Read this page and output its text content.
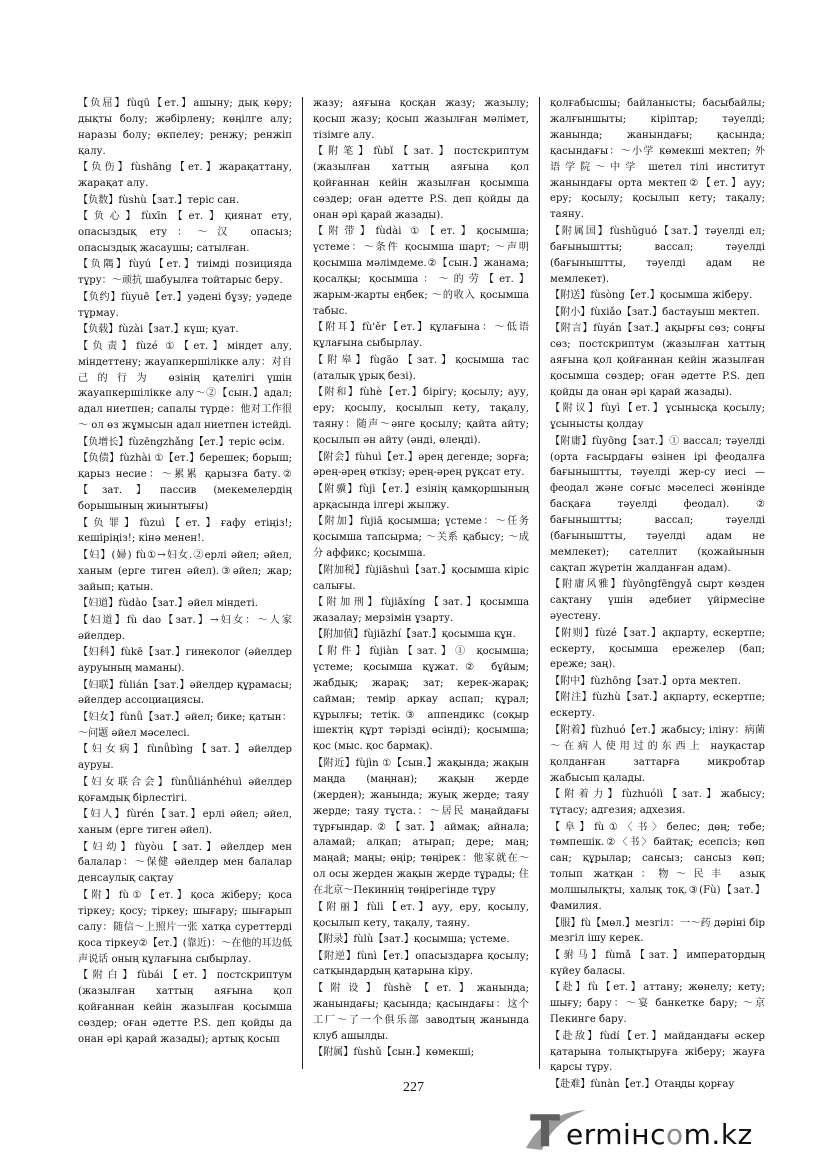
【负屈】fùqū【ет.】ашыну; дық көру; дықты болу; жәбірлену; көңілге алу; наразы болу; өкпелеу; ренжу; ренжіп қалу.

【负伤】fùshāng【ет.】жарақаттану, жарақат алу.

【负数】fùshù【зат.】теріс сан.

【负心】fùxīn【ет.】қиянат ету, опасыздық ету：～汉 опасыз; опасыздық жасаушы; сатылған.

【负隅】fùyú【ет.】тиімді позицияда тұру：～顽抗 шабуылға тойтарыс беру.

【负约】fùyuē【ет.】уәдені бұзу; уәдеде тұрмау.

【负载】fùzài【зат.】күш; қуат.

【负责】fùzé ①【ет.】міндет алу, міндеттену; жауапкершілікке алу：对自己的行为 өзінің қателігі үшін жауапкершілікке алу～②【сын.】адал; адал ниетпен; сапалы түрде：他对工作很～ ол өз жұмысын адал ниетпен істейді.

【负增长】fùzēngzhǎng【ет.】теріс өсім.

【负债】fùzhài ①【ет.】берешек; борыш; қарыз несие：～累累 қарызға бату.②【зат.】пассив (мекемелердің борышының жиынтығы)

【负罪】fùzuì【ет.】ғафу етіңіз!; кешіріңіз!; кінә менен!.

【妇】(婦) fù①→妇女.②ерлі әйел; әйел, ханым (ерге тиген әйел).③әйел; жар; зайып; қатын.

【妇道】fùdào【зат.】әйел міндеті.

【妇道】fù dao【зат.】→妇女：～人家 әйелдер.

【妇科】fùkē【зат.】гинеколог (әйелдер ауруының маманы).

【妇联】fùlián【зат.】әйелдер құрамасы; әйелдер ассоциациясы.

【妇女】fùnǚ【зат.】әйел; бикe; қатын：～问题 әйел мәселесі.

【妇女病】fùnǚbìng【зат.】әйелдер ауруы.

【妇女联合会】fùnǚliánhéhuì әйелдер қоғамдық бірлестігі.

【妇人】fùrén【зат.】ерлі әйел; әйел, ханым (ерге тиген әйел).

【妇幼】fùyòu【зат.】әйелдер мен балалар：～保健 әйелдер мен балалар денсаулық сақтау

【附】fù①【ет.】қоса жіберу; қоса тіркеу; қосу; тіркеу; шығару; шығарып салу：随信～上照片一张 хатқа суреттерді қоса тіркеу②【ет.】(靠近)：～在他的耳边低声说话 оның құлағына сыбырлау.

【附白】fùbái【ет.】постскриптум (жазылған хаттың аяғына қол қойғаннан кейін жазылған қосымша сөздер; оған әдетте P.S. деп қойды да онан әрі қарай жазады); артық қосып

жазу; аяғына қосқан жазу; жазылу; қосып жазу; қосып жазылған мәлімет, тізімге алу.

【附笔】fùbǐ【зат.】постскриптум (жазылған хаттың аяғына қол қойғаннан кейін жазылған қосымша сөздер; оған әдетте P.S. деп қойды да онан әрі қарай жазады).

【附带】fùdài ①【ет.】қосымша; үстеме：～条件 қосымша шарт; ～声明 қосымша мәлімдеме.②【сын.】жанама; қосалқы; қосымша：～的劳【ет.】жарым-жарты еңбек; ～的收入 қосымша табыс.

【附耳】fù'ěr【ет.】құлағына：～低语 құлағына сыбырлау.

【附皋】fùgāo【зат.】қосымша тас (аталық ұрық безі).

【附和】fùhè【ет.】бірігу; қосылу; ауу, еру; қосылу, қосылып кету, тақалу, таяну：随声～әнге қосылу; қайта айту; қосылып ән айту (әнді, өлеңді).

【附会】fùhuì【ет.】әрең дегенде; зорға; әрең-әрең өткізу; әрең-әрең рұқсат ету.

【附骥】fùjì【ет.】езінің қамқоршының арқасында ілгері жылжу.

【附加】fùjiā қосымша; үстеме：～任务 қосымша тапсырма; ～关系 қабысу; ～成分 аффикс; қосымша.

【附加税】fùjiāshuì【зат.】қосымша кіріс салығы.

【附加刑】fùjiāxíng【зат.】қосымша жазалау; мерзімін ұзарту.

【附加值】fùjiāzhí【зат.】қосымша құн.

【附件】fùjiàn【зат.】① қосымша; үстеме; қосымша құжат.② бұйым; жабдық; жарақ; зат; керек-жарақ; сайман; темір аркау аспап; құрал; құрылғы; тетік.③ аппендикс (соқыр ішектің құрт тәрізді өсінді); қосымша; қос (мыс. қос бармақ).

【附近】fùjìn ①【сын.】жақында; жақын маңда (маңнан); жақын жерде (жерден); жанында; жуық жерде; таяу жерде; таяу тұста.：～居民 маңайдағы тұрғындар.②【зат.】аймақ; айнала; аламай; алқап; атырап; дере; маң; маңай; маңы; өңір; төңірек：他家就在～ол осы жерден жақын жерде тұрады; 住在北京～Пекиннің төңірегінде тұру

【附丽】fùlì【ет.】ауу, еру, қосылу, қосылып кету, тақалу, таяну.

【附录】fùlù【зат.】қосымша; үстеме.

【附逆】fùnì【ет.】опасыздарға қосылу; сатқындардың қатарына кіру.

【附设】fùshè【ет.】жанында; жанындағы; қасында; қасындағы：这个工厂～了一个俱乐部 заводтың жанында клуб ашылды.

【附属】fùshǔ【сын.】көмекші;

қолғабысшы; байланысты; басыбайлы; жалғыншыты; кіріптар; тәуелді; жанында; жанындағы; қасында; қасындағы：～小学 көмекші мектеп; 外语学院～中学 шетел тілі институт жанындағы орта мектеп②【ет.】ауу; еру; қосылу; қосылып кету; тақалу; таяну.

【附属国】fùshǔguó【зат.】тәуелді ел; бағыныштты; вассал; тәуелді (бағыныштты, тәуелді адам не мемлекет).

【附送】fùsòng【ет.】қосымша жіберу.

【附小】fùxiǎo【зат.】бастауыш мектеп.

【附言】fùyán【зат.】ақырғы сөз; соңғы сөз; постскриптум (жазылған хаттың аяғына қол қойғаннан кейін жазылған қосымша сөздер; оған әдетте P.S. деп қойды да онан әрі қарай жазады).

【附议】fùyì【ет.】ұсынысқа қосылу; ұсынысты қолдау

【附庸】fùyōng【зат.】① вассал; тәуелді (орта ғасырдағы өзінен ірі феодалға бағыныштты, тәуелді жер-су иесі — феодал және соғыс мәселесі жөнінде басқаға тәуелді феодал). ② бағыныштты; вассал; тәуелді (бағыныштты, тәуелді адам не мемлекет); сателлит (қожайынын сақтап жүретін жалданған адам).

【附庸风雅】fùyōngfēngyǎ сырт көзден сақтану үшін әдебиет үйірмесіне әуестену.

【附则】fùzé【зат.】ақпарту, ескертпе; ескерту, қосымша ережелер (бап; ереже; заң).

【附中】fùzhōng【зат.】орта мектеп.

【附注】fùzhù【зат.】ақпарту, ескертпе; ескерту.

【附着】fùzhuó【ет.】жабысу; іліну：病菌～在病人使用过的东西上 науқастар қолданған заттарға микробтар жабысып қалады.

【附着力】fùzhuólì【зат.】жабысу; тұтасу; адгезия; адхезия.

【阜】fù①〈书〉белес; дөң; төбе; төмпешік.②〈书〉байтақ; есепсіз; көп сан; құрылар; сансыз; сансыз көп; толып жатқан：物～民丰 азық молшылықты, халық тоқ.③(Fù)【зат.】Фамилия.

【服】fù【мөл.】мезгіл：一～药 дәріні бір мезгіл ішу керек.

【驸马】fùmǎ【зат.】императордың күйеу баласы.

【赴】fù【ет.】аттану; жөнелу; кету; шығу; бару：～宴 банкетке бару; ～京 Пекинге бару.

【赴敌】fùdí【ет.】майдандағы әскер қатарына толықтыруға жіберу; жауға қарсы тұру.

【赴难】fùnàn【ет.】Отаңды қорғау

227
T ermінcom.kz
